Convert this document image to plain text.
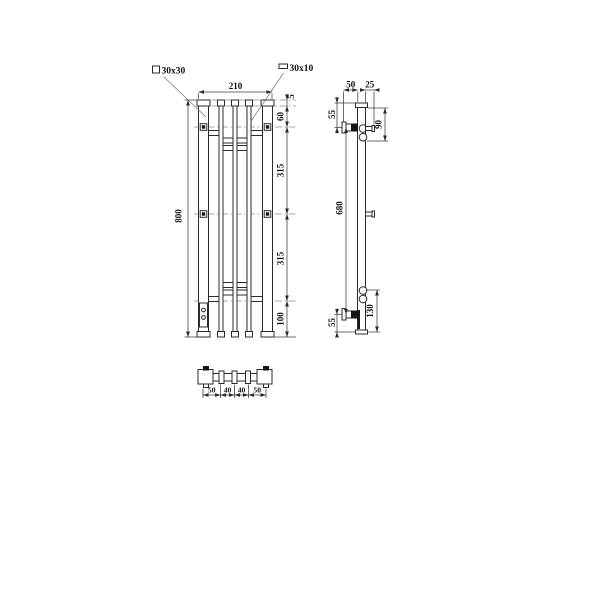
210
800
5
60
315
315
100
50 25
55
90
680
130
55
50 40 40 50
30x30	30x10
